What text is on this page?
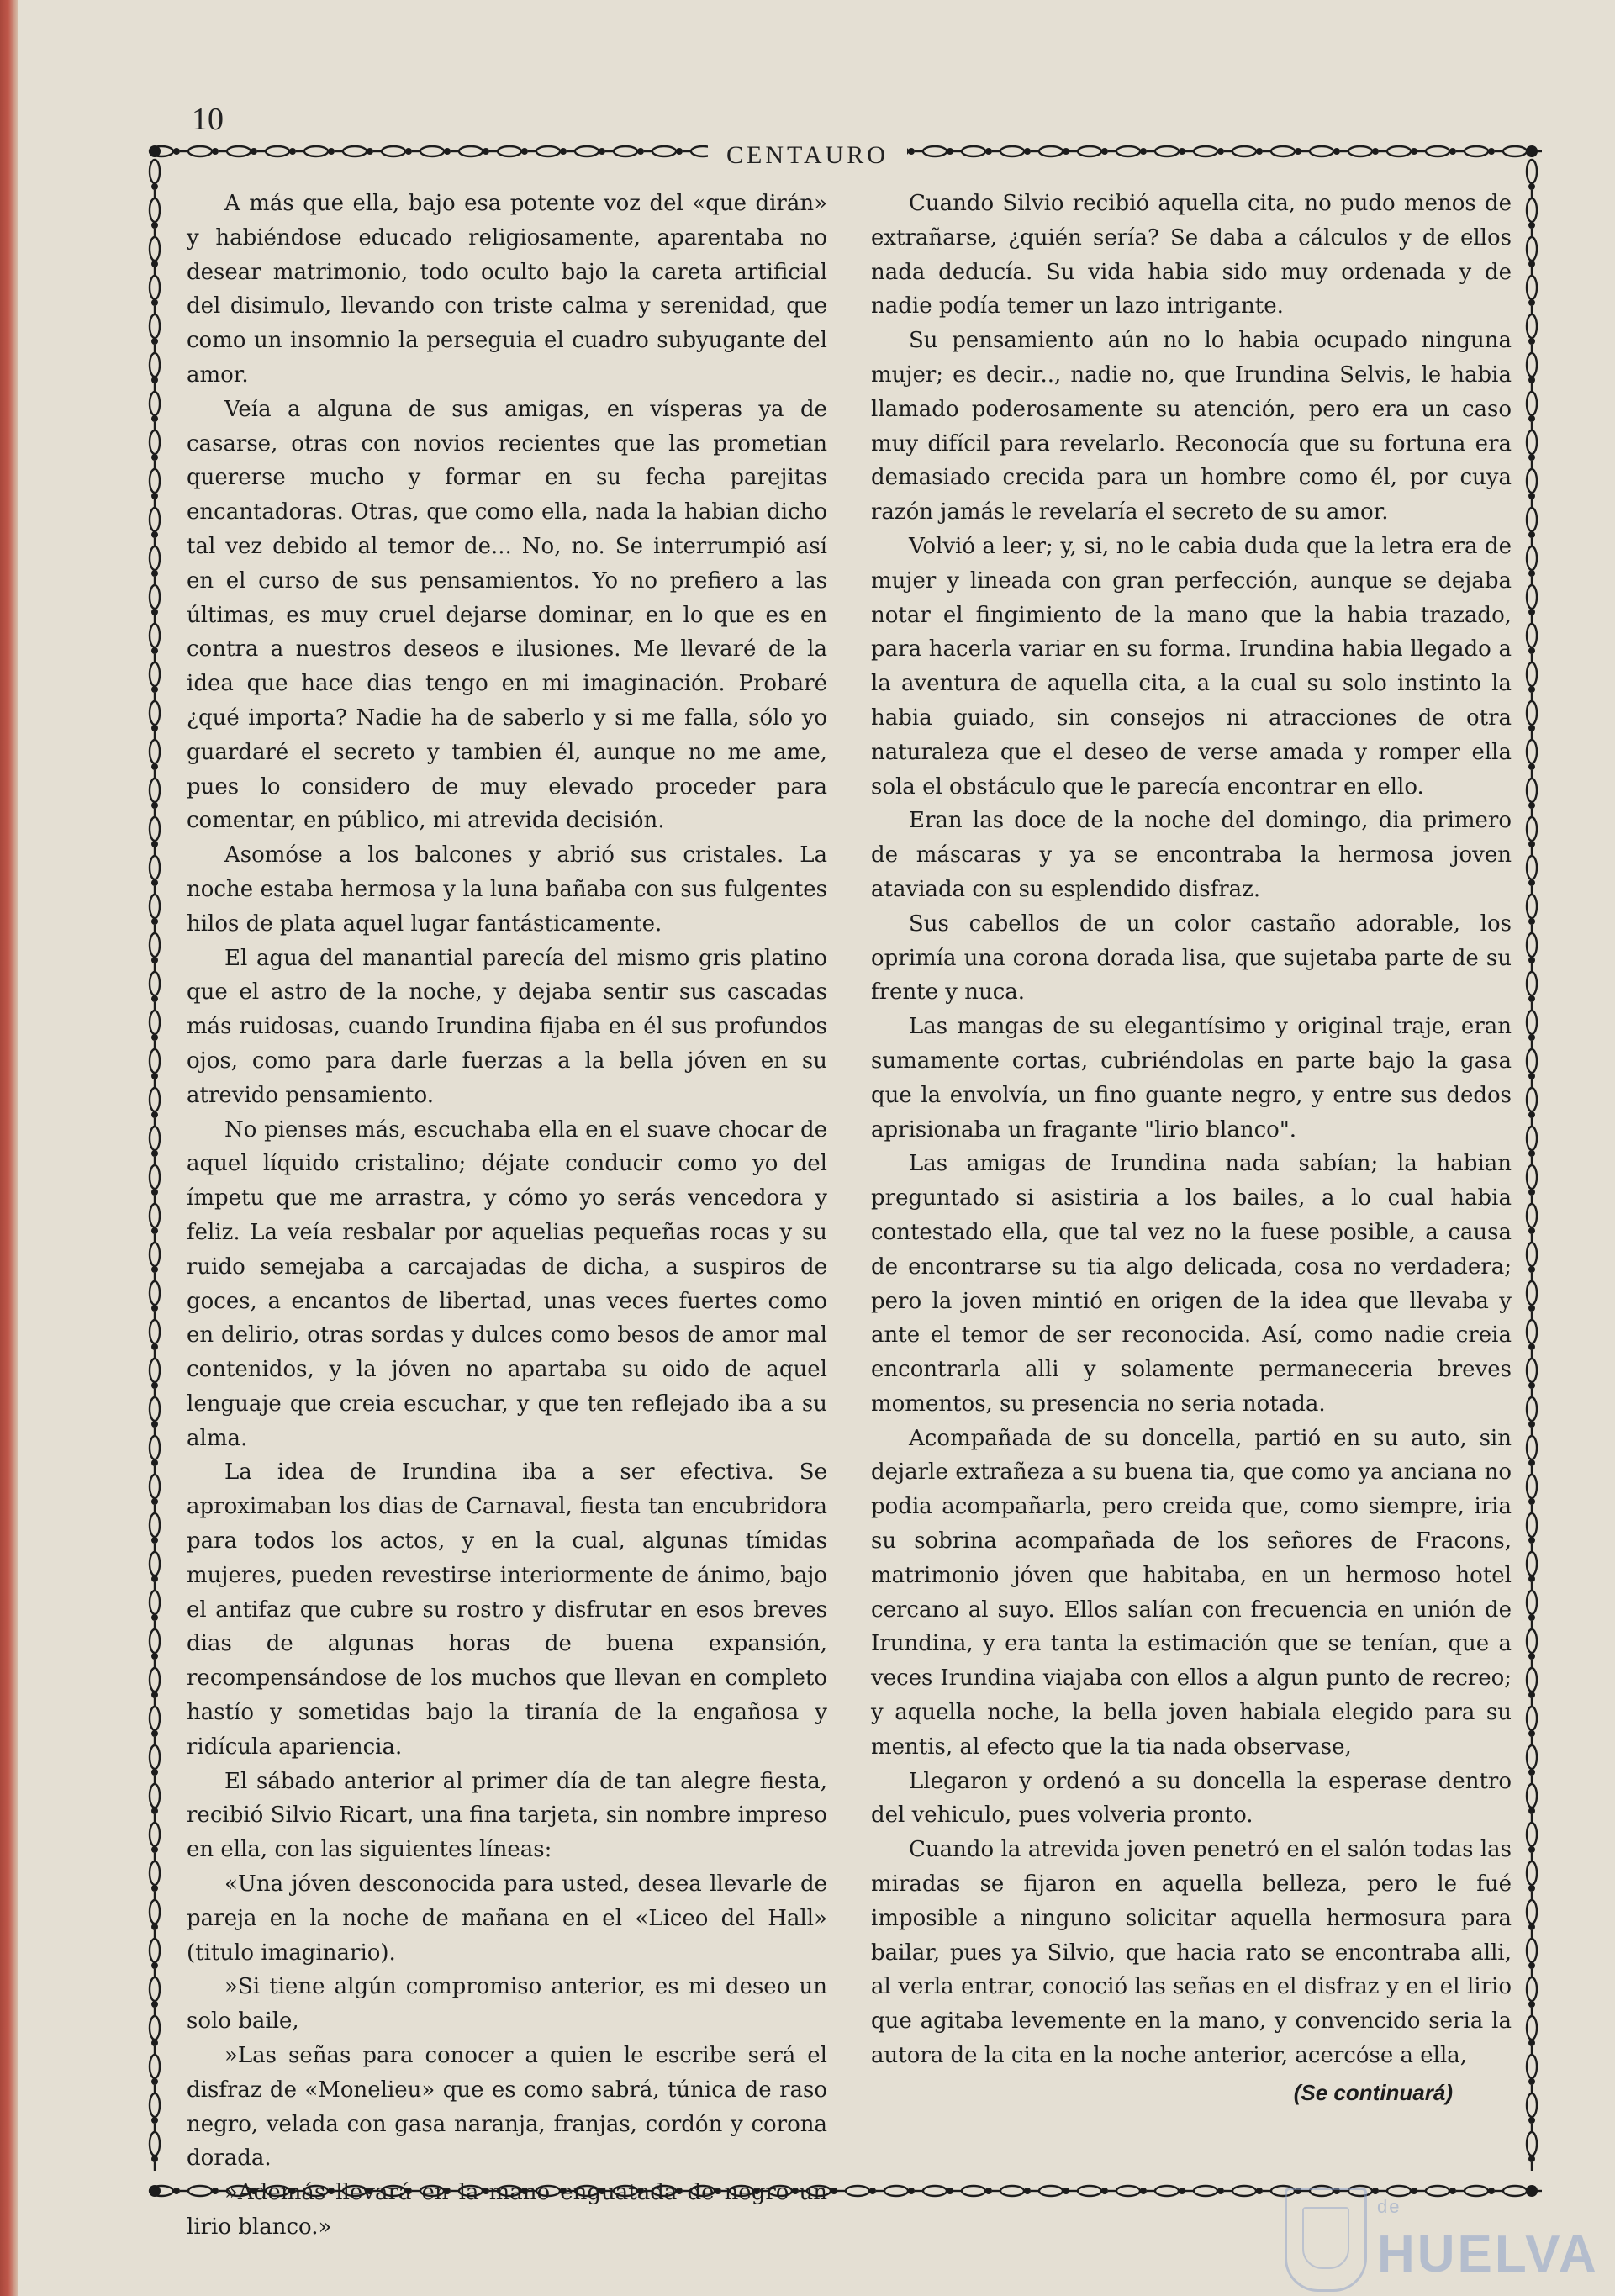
10
CENTAURO

A más que ella, bajo esa potente voz del «que dirán» y habiéndose educado religiosamente, aparentaba no desear matrimonio, todo oculto bajo la careta artificial del disimulo, llevando con triste calma y serenidad, que como un insomnio la perseguia el cuadro subyugante del amor.

Veía a alguna de sus amigas, en vísperas ya de casarse, otras con novios recientes que las prometian quererse mucho y formar en su fecha parejitas encantadoras. Otras, que como ella, nada la habian dicho tal vez debido al temor de... No, no. Se interrumpió así en el curso de sus pensamientos. Yo no prefiero a las últimas, es muy cruel dejarse dominar, en lo que es en contra a nuestros deseos e ilusiones. Me llevaré de la idea que hace dias tengo en mi imaginación. Probaré ¿qué importa? Nadie ha de saberlo y si me falla, sólo yo guardaré el secreto y tambien él, aunque no me ame, pues lo considero de muy elevado proceder para comentar, en público, mi atrevida decisión.

Asomóse a los balcones y abrió sus cristales. La noche estaba hermosa y la luna bañaba con sus fulgentes hilos de plata aquel lugar fantásticamente.

El agua del manantial parecía del mismo gris platino que el astro de la noche, y dejaba sentir sus cascadas más ruidosas, cuando Irundina fijaba en él sus profundos ojos, como para darle fuerzas a la bella jóven en su atrevido pensamiento.

No pienses más, escuchaba ella en el suave chocar de aquel líquido cristalino; déjate conducir como yo del ímpetu que me arrastra, y cómo yo serás vencedora y feliz. La veía resbalar por aquelias pequeñas rocas y su ruido semejaba a carcajadas de dicha, a suspiros de goces, a encantos de libertad, unas veces fuertes como en delirio, otras sordas y dulces como besos de amor mal contenidos, y la jóven no apartaba su oido de aquel lenguaje que creia escuchar, y que ten reflejado iba a su alma.

La idea de Irundina iba a ser efectiva. Se aproximaban los dias de Carnaval, fiesta tan encubridora para todos los actos, y en la cual, algunas tímidas mujeres, pueden revestirse interiormente de ánimo, bajo el antifaz que cubre su rostro y disfrutar en esos breves dias de algunas horas de buena expansión, recompensándose de los muchos que llevan en completo hastío y sometidas bajo la tiranía de la engañosa y ridícula apariencia.

El sábado anterior al primer día de tan alegre fiesta, recibió Silvio Ricart, una fina tarjeta, sin nombre impreso en ella, con las siguientes líneas:

«Una jóven desconocida para usted, desea llevarle de pareja en la noche de mañana en el «Liceo del Hall» (titulo imaginario).

»Si tiene algún compromiso anterior, es mi deseo un solo baile,

»Las señas para conocer a quien le escribe será el disfraz de «Monelieu» que es como sabrá, túnica de raso negro, velada con gasa naranja, franjas, cordón y corona dorada.

»Además llevará en la mano enguatada de negro un lirio blanco.»

Cuando Silvio recibió aquella cita, no pudo menos de extrañarse, ¿quién sería? Se daba a cálculos y de ellos nada deducía. Su vida habia sido muy ordenada y de nadie podía temer un lazo intrigante.

Su pensamiento aún no lo habia ocupado ninguna mujer; es decir.., nadie no, que Irundina Selvis, le habia llamado poderosamente su atención, pero era un caso muy difícil para revelarlo. Reconocía que su fortuna era demasiado crecida para un hombre como él, por cuya razón jamás le revelaría el secreto de su amor.

Volvió a leer; y, si, no le cabia duda que la letra era de mujer y lineada con gran perfección, aunque se dejaba notar el fingimiento de la mano que la habia trazado, para hacerla variar en su forma. Irundina habia llegado a la aventura de aquella cita, a la cual su solo instinto la habia guiado, sin consejos ni atracciones de otra naturaleza que el deseo de verse amada y romper ella sola el obstáculo que le parecía encontrar en ello.

Eran las doce de la noche del domingo, dia primero de máscaras y ya se encontraba la hermosa joven ataviada con su esplendido disfraz.

Sus cabellos de un color castaño adorable, los oprimía una corona dorada lisa, que sujetaba parte de su frente y nuca.

Las mangas de su elegantísimo y original traje, eran sumamente cortas, cubriéndolas en parte bajo la gasa que la envolvía, un fino guante negro, y entre sus dedos aprisionaba un fragante "lirio blanco".

Las amigas de Irundina nada sabían; la habian preguntado si asistiria a los bailes, a lo cual habia contestado ella, que tal vez no la fuese posible, a causa de encontrarse su tia algo delicada, cosa no verdadera; pero la joven mintió en origen de la idea que llevaba y ante el temor de ser reconocida. Así, como nadie creia encontrarla alli y solamente permaneceria breves momentos, su presencia no seria notada.

Acompañada de su doncella, partió en su auto, sin dejarle extrañeza a su buena tia, que como ya anciana no podia acompañarla, pero creida que, como siempre, iria su sobrina acompañada de los señores de Fracons, matrimonio jóven que habitaba, en un hermoso hotel cercano al suyo. Ellos salían con frecuencia en unión de Irundina, y era tanta la estimación que se tenían, que a veces Irundina viajaba con ellos a algun punto de recreo; y aquella noche, la bella joven habiala elegido para su mentis, al efecto que la tia nada observase,

Llegaron y ordenó a su doncella la esperase dentro del vehiculo, pues volveria pronto.

Cuando la atrevida joven penetró en el salón todas las miradas se fijaron en aquella belleza, pero le fué imposible a ninguno solicitar aquella hermosura para bailar, pues ya Silvio, que hacia rato se encontraba alli, al verla entrar, conoció las señas en el disfraz y en el lirio que agitaba levemente en la mano, y convencido seria la autora de la cita en la noche anterior, acercóse a ella,

(Se continuará)
de
HUELVA
